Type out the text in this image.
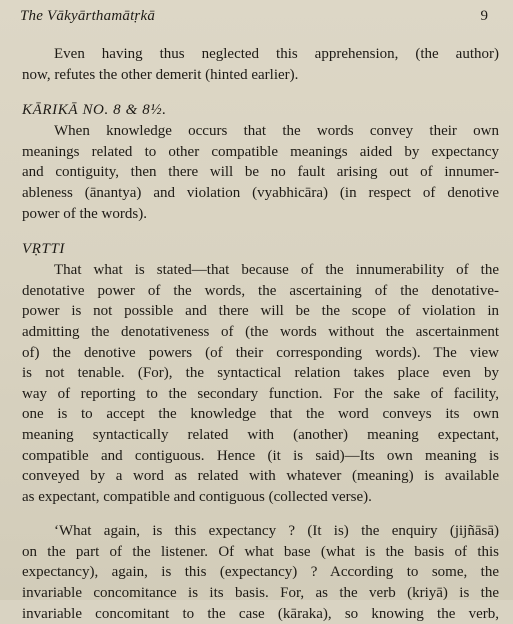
The Vākyārthamātṛkā	9
Even having thus neglected this apprehension, (the author)
now, refutes the other demerit (hinted earlier).
KĀRIKĀ NO. 8 & 8½.
When knowledge occurs that the words convey their own
meanings related to other compatible meanings aided by expectancy
and contiguity, then there will be no fault arising out of innumer-
ableness (ānantya) and violation (vyabhicāra) (in respect of denotive
power of the words).
VṚTTI
That what is stated—that because of the innumerability of the
denotative power of the words, the ascertaining of the denotative-
power is not possible and there will be the scope of violation in
admitting the denotativeness of (the words without the ascertainment
of) the denotive powers (of their corresponding words). The view
is not tenable. (For), the syntactical relation takes place even by
way of reporting to the secondary function. For the sake of facility,
one is to accept the knowledge that the word conveys its own
meaning syntactically related with (another) meaning expectant,
compatible and contiguous. Hence (it is said)—Its own meaning is
conveyed by a word as related with whatever (meaning) is available
as expectant, compatible and contiguous (collected verse).
‘What again, is this expectancy ? (It is) the enquiry (jijñāsā)
on the part of the listener. Of what base (what is the basis of this
expectancy), again, is this (expectancy) ? According to some, the
invariable concomitance is its basis. For, as the verb (kriyā) is the
invariable concomitant to the case (kāraka), so knowing the verb,
